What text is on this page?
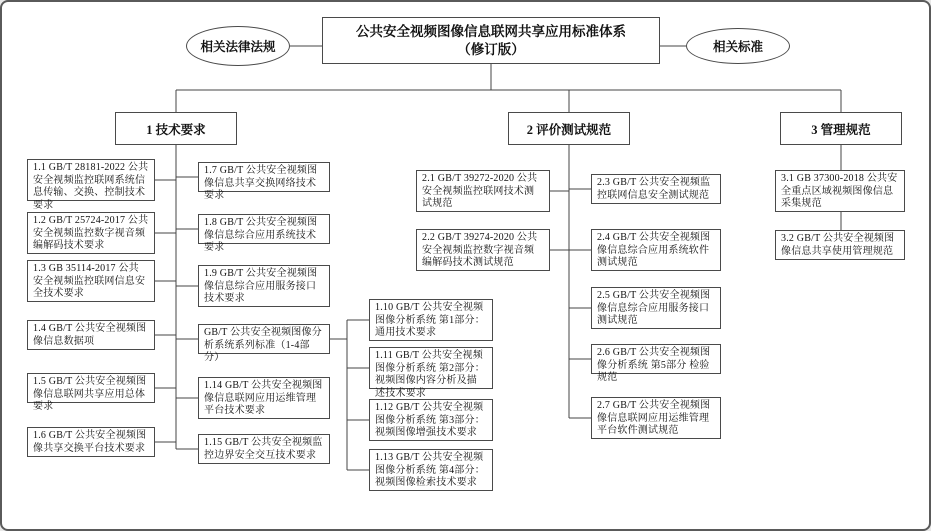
相关法律法规
公共安全视频图像信息联网共享应用标准体系
（修订版）	相关标准
1 技术要求	2 评价测试规范	3 管理规范
1.1 GB/T 28181-2022 公共安全视频监控联网系统信息传输、交换、控制技术要求
1.2 GB/T 25724-2017 公共安全视频监控数字视音频编解码技术要求
1.3 GB 35114-2017 公共安全视频监控联网信息安全技术要求
1.4 GB/T 公共安全视频图像信息数据项
1.5 GB/T 公共安全视频图像信息联网共享应用总体要求
1.6 GB/T 公共安全视频图像共享交换平台技术要求
1.7 GB/T 公共安全视频图像信息共享交换网络技术要求
1.8 GB/T 公共安全视频图像信息综合应用系统技术要求
1.9 GB/T 公共安全视频图像信息综合应用服务接口技术要求
GB/T 公共安全视频图像分析系统系列标准（1-4部分）
1.14 GB/T 公共安全视频图像信息联网应用运维管理平台技术要求
1.15 GB/T 公共安全视频监控边界安全交互技术要求
1.10 GB/T 公共安全视频图像分析系统 第1部分： 通用技术要求
1.11 GB/T 公共安全视频图像分析系统 第2部分： 视频图像内容分析及描述技术要求
1.12 GB/T 公共安全视频图像分析系统 第3部分： 视频图像增强技术要求
1.13 GB/T 公共安全视频图像分析系统 第4部分： 视频图像检索技术要求
2.1 GB/T 39272-2020 公共安全视频监控联网技术测试规范
2.2 GB/T 39274-2020 公共安全视频监控数字视音频编解码技术测试规范
2.3 GB/T 公共安全视频监控联网信息安全测试规范
2.4 GB/T 公共安全视频图像信息综合应用系统软件测试规范
2.5 GB/T 公共安全视频图像信息综合应用服务接口测试规范
2.6 GB/T 公共安全视频图像分析系统 第5部分 检验规范
2.7 GB/T 公共安全视频图像信息联网应用运维管理平台软件测试规范
3.1 GB 37300-2018 公共安全重点区域视频图像信息采集规范
3.2 GB/T 公共安全视频图像信息共享使用管理规范
